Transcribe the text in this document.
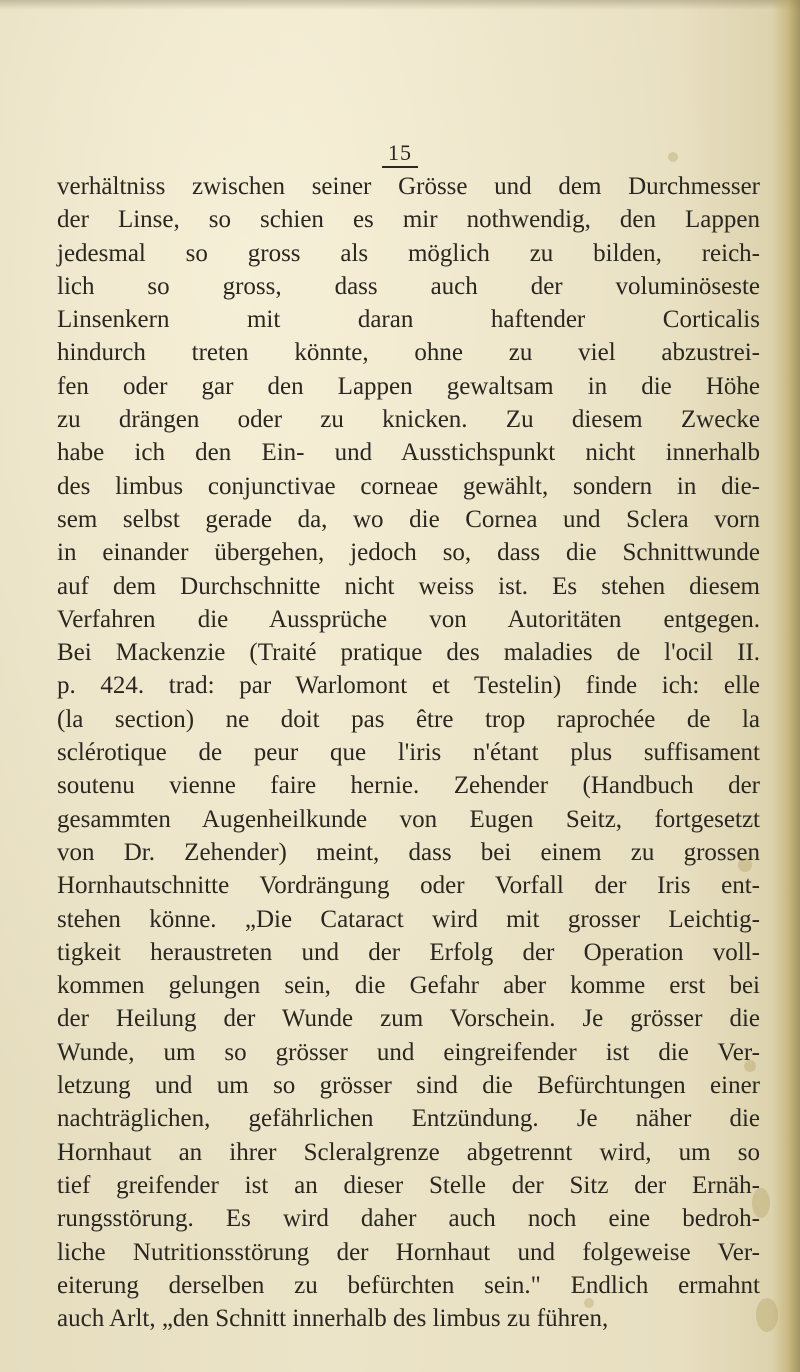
15
verhältniss zwischen seiner Grösse und dem Durchmesser
der Linse, so schien es mir nothwendig, den Lappen
jedesmal so gross als möglich zu bilden, reich-
lich so gross, dass auch der voluminöseste
Linsenkern mit daran haftender Corticalis
hindurch treten könnte, ohne zu viel abzustrei-
fen oder gar den Lappen gewaltsam in die Höhe
zu drängen oder zu knicken. Zu diesem Zwecke
habe ich den Ein- und Ausstichspunkt nicht innerhalb
des limbus conjunctivae corneae gewählt, sondern in die-
sem selbst gerade da, wo die Cornea und Sclera vorn
in einander übergehen, jedoch so, dass die Schnittwunde
auf dem Durchschnitte nicht weiss ist. Es stehen diesem
Verfahren die Aussprüche von Autoritäten entgegen.
Bei Mackenzie (Traité pratique des maladies de l'ocil II.
p. 424. trad: par Warlomont et Testelin) finde ich: elle
(la section) ne doit pas être trop raprochée de la
sclérotique de peur que l'iris n'étant plus suffisament
soutenu vienne faire hernie. Zehender (Handbuch der
gesammten Augenheilkunde von Eugen Seitz, fortgesetzt
von Dr. Zehender) meint, dass bei einem zu grossen
Hornhautschnitte Vordrängung oder Vorfall der Iris ent-
stehen könne. „Die Cataract wird mit grosser Leichtig-
tigkeit heraustreten und der Erfolg der Operation voll-
kommen gelungen sein, die Gefahr aber komme erst bei
der Heilung der Wunde zum Vorschein. Je grösser die
Wunde, um so grösser und eingreifender ist die Ver-
letzung und um so grösser sind die Befürchtungen einer
nachträglichen, gefährlichen Entzündung. Je näher die
Hornhaut an ihrer Scleralgrenze abgetrennt wird, um so
tief greifender ist an dieser Stelle der Sitz der Ernäh-
rungsstörung. Es wird daher auch noch eine bedroh-
liche Nutritionsstörung der Hornhaut und folgeweise Ver-
eiterung derselben zu befürchten sein." Endlich ermahnt
auch Arlt, „den Schnitt innerhalb des limbus zu führen,
